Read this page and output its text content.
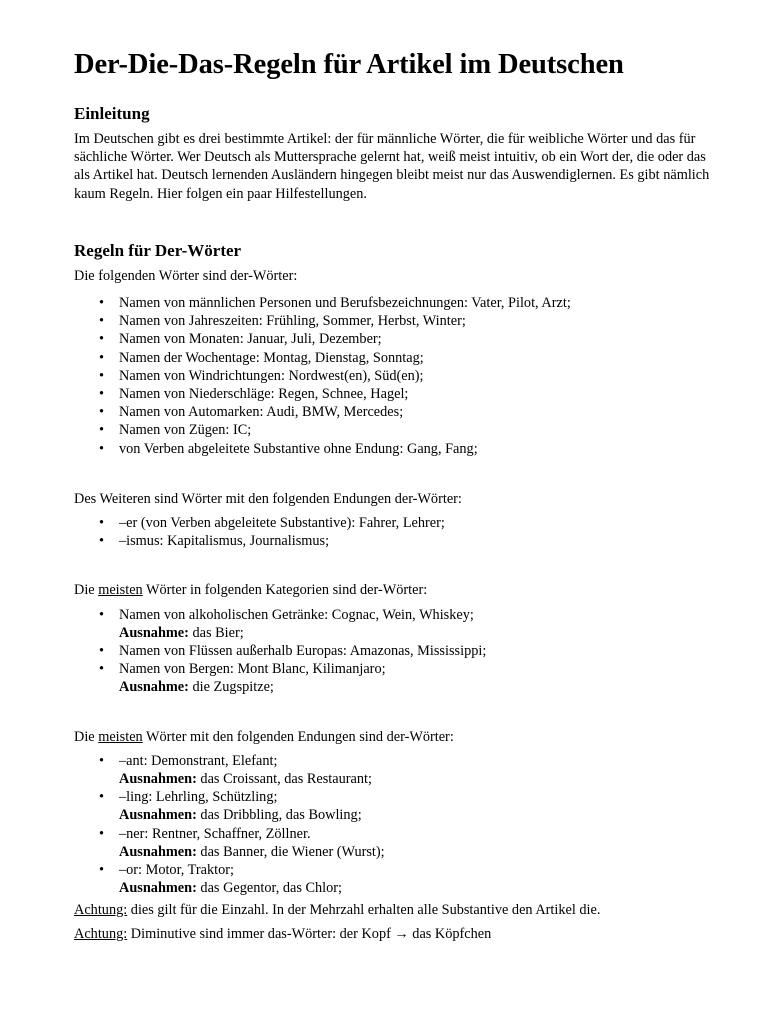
Der-Die-Das-Regeln für Artikel im Deutschen
Einleitung

Im Deutschen gibt es drei bestimmte Artikel: der für männliche Wörter, die für weibliche Wörter und das für sächliche Wörter. Wer Deutsch als Muttersprache gelernt hat, weiß meist intuitiv, ob ein Wort der, die oder das als Artikel hat. Deutsch lernenden Ausländern hingegen bleibt meist nur das Auswendiglernen. Es gibt nämlich kaum Regeln. Hier folgen ein paar Hilfestellungen.

Regeln für Der-Wörter

Die folgenden Wörter sind der-Wörter:

• Namen von männlichen Personen und Berufsbezeichnungen: Vater, Pilot, Arzt;
• Namen von Jahreszeiten: Frühling, Sommer, Herbst, Winter;
• Namen von Monaten: Januar, Juli, Dezember;
• Namen der Wochentage: Montag, Dienstag, Sonntag;
• Namen von Windrichtungen: Nordwest(en), Süd(en);
• Namen von Niederschläge: Regen, Schnee, Hagel;
• Namen von Automarken: Audi, BMW, Mercedes;
• Namen von Zügen: IC;
• von Verben abgeleitete Substantive ohne Endung: Gang, Fang;

Des Weiteren sind Wörter mit den folgenden Endungen der-Wörter:

• –er (von Verben abgeleitete Substantive): Fahrer, Lehrer;
• –ismus: Kapitalismus, Journalismus;

Die meisten Wörter in folgenden Kategorien sind der-Wörter:

• Namen von alkoholischen Getränke: Cognac, Wein, Whiskey;
Ausnahme: das Bier;
• Namen von Flüssen außerhalb Europas: Amazonas, Mississippi;
• Namen von Bergen: Mont Blanc, Kilimanjaro;
Ausnahme: die Zugspitze;

Die meisten Wörter mit den folgenden Endungen sind der-Wörter:

• –ant: Demonstrant, Elefant;
Ausnahmen: das Croissant, das Restaurant;
• –ling: Lehrling, Schützling;
Ausnahmen: das Dribbling, das Bowling;
• –ner: Rentner, Schaffner, Zöllner.
Ausnahmen: das Banner, die Wiener (Wurst);
• –or: Motor, Traktor;
Ausnahmen: das Gegentor, das Chlor;

Achtung: dies gilt für die Einzahl. In der Mehrzahl erhalten alle Substantive den Artikel die.

Achtung: Diminutive sind immer das-Wörter: der Kopf → das Köpfchen
